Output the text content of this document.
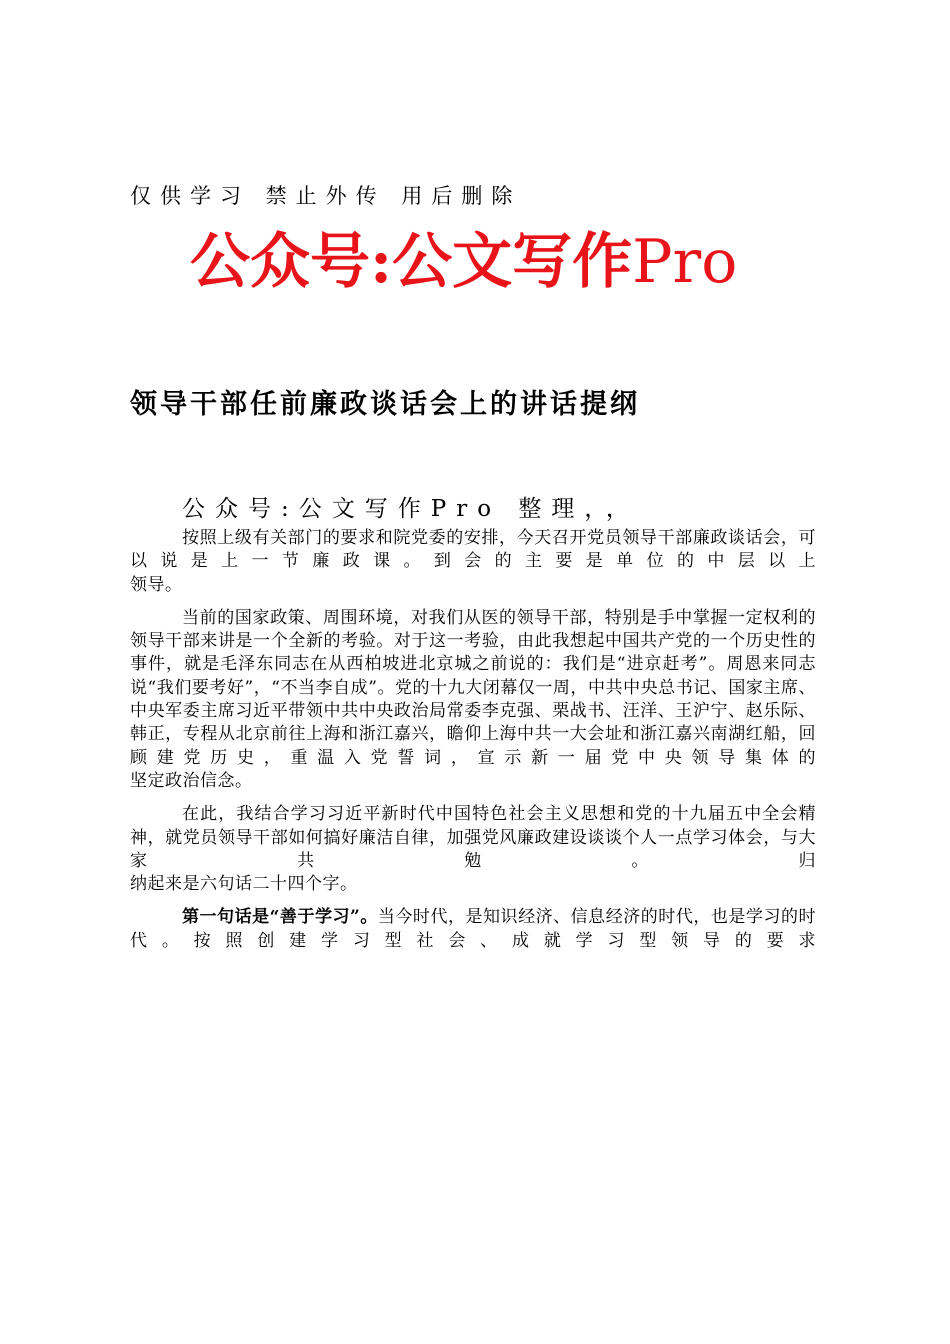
仅供学习 禁止外传 用后删除
公众号:公文写作Pro
领导干部任前廉政谈话会上的讲话提纲
公众号:公文写作Pro 整理，，

按照上级有关部门的要求和院党委的安排，今天召开党员领导干部廉政谈话会，可以说是上一节廉政课。到会的主要是单位的中层以上
领导。

当前的国家政策、周围环境，对我们从医的领导干部，特别是手中掌握一定权利的领导干部来讲是一个全新的考验。对于这一考验，由此我想起中国共产党的一个历史性的事件，就是毛泽东同志在从西柏坡进北京城之前说的：我们是“进京赶考”。周恩来同志说“我们要考好”，“不当李自成”。党的十九大闭幕仅一周，中共中央总书记、国家主席、中央军委主席习近平带领中共中央政治局常委李克强、栗战书、汪洋、王沪宁、赵乐际、韩正，专程从北京前往上海和浙江嘉兴，瞻仰上海中共一大会址和浙江嘉兴南湖红船，回顾建党历史，重温入党誓词，宣示新一届党中央领导集体的
坚定政治信念。

在此，我结合学习习近平新时代中国特色社会主义思想和党的十九届五中全会精神，就党员领导干部如何搞好廉洁自律，加强党风廉政建设谈谈个人一点学习体会，与大家共勉。归
纳起来是六句话二十四个字。

第一句话是“善于学习”。当今时代，是知识经济、信息经济的时代，也是学习的时代。按照创建学习型社会、成就学习型领导的要求
